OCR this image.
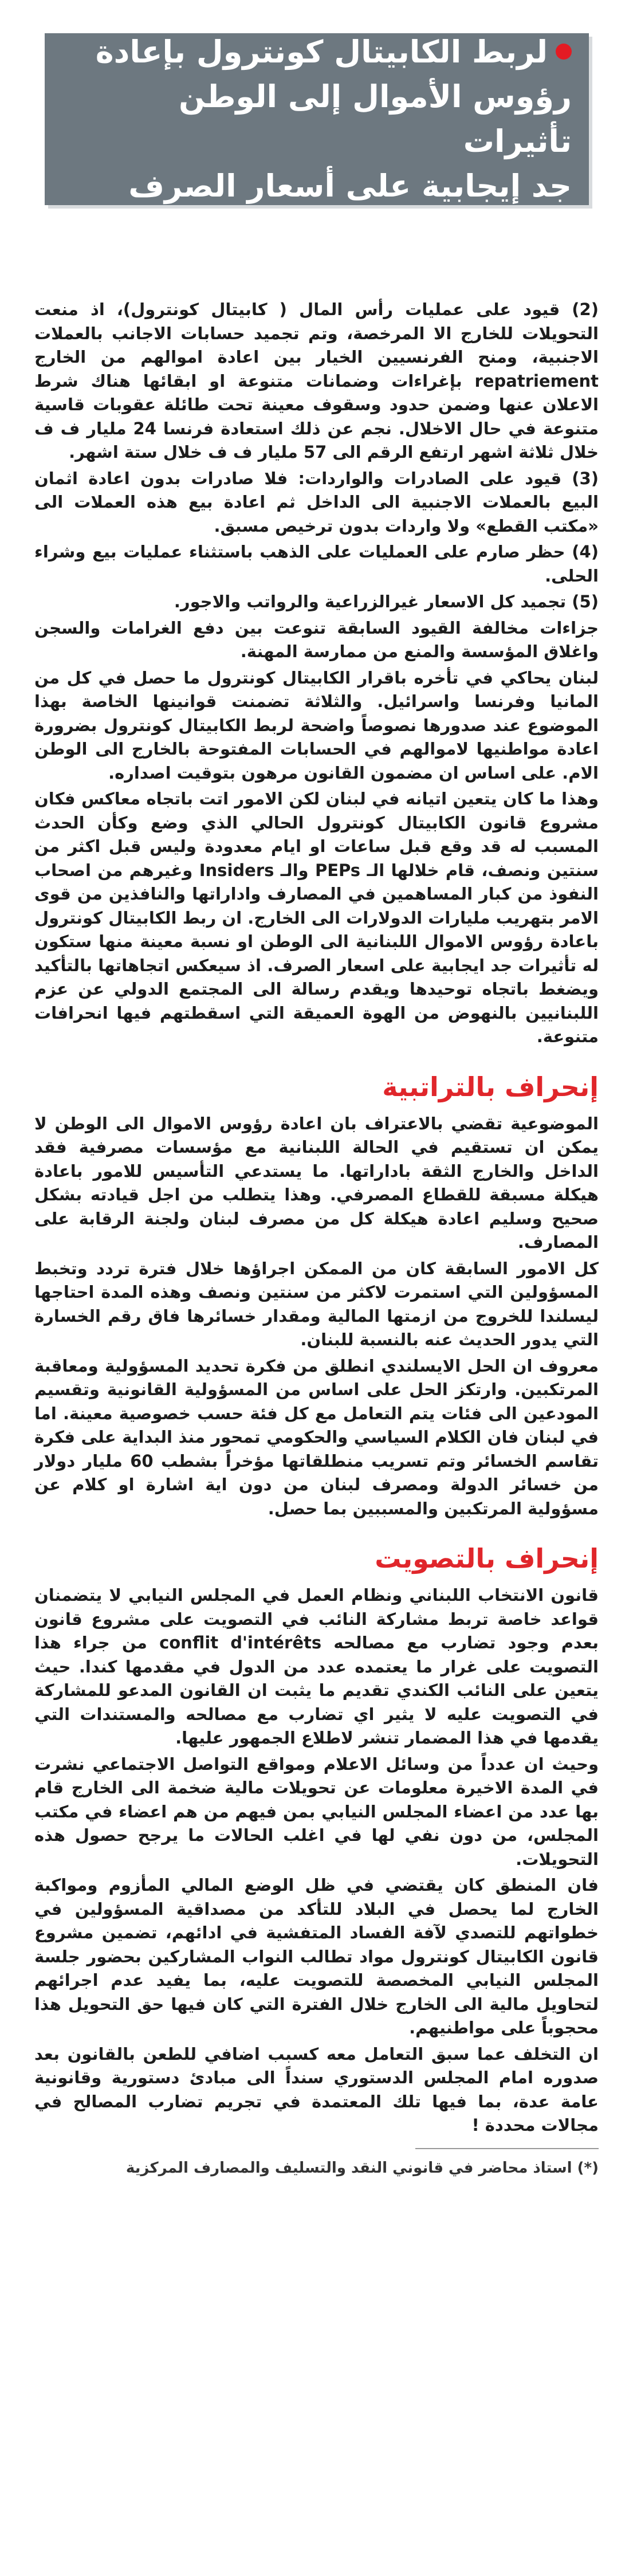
لربط الكابيتال كونترول بإعادة

رؤوس الأموال إلى الوطن تأثيرات

جد إيجابية على أسعار الصرف

(2) قيود على عمليات رأس المال ( كابيتال كونترول)، اذ منعت التحويلات للخارج الا المرخصة، وتم تجميد حسابات الاجانب بالعملات الاجنبية، ومنح الفرنسيين الخيار بين اعادة اموالهم من الخارج repatriement بإغراءات وضمانات متنوعة او ابقائها هناك شرط الاعلان عنها وضمن حدود وسقوف معينة تحت طائلة عقوبات قاسية متنوعة في حال الاخلال. نجم عن ذلك استعادة فرنسا 24 مليار ف ف خلال ثلاثة اشهر ارتفع الرقم الى 57 مليار ف ف خلال ستة اشهر.

(3) قيود على الصادرات والواردات: فلا صادرات بدون اعادة اثمان البيع بالعملات الاجنبية الى الداخل ثم اعادة بيع هذه العملات الى «مكتب القطع» ولا واردات بدون ترخيص مسبق.

(4) حظر صارم على العمليات على الذهب باستثناء عمليات بيع وشراء الحلى.

(5) تجميد كل الاسعار غيرالزراعية والرواتب والاجور.

جزاءات مخالفة القيود السابقة تنوعت بين دفع الغرامات والسجن واغلاق المؤسسة والمنع من ممارسة المهنة.

لبنان يحاكي في تأخره باقرار الكابيتال كونترول ما حصل في كل من المانيا وفرنسا واسرائيل. والثلاثة تضمنت قوانينها الخاصة بهذا الموضوع عند صدورها نصوصاً واضحة لربط الكابيتال كونترول بضرورة اعادة مواطنيها لاموالهم في الحسابات المفتوحة بالخارج الى الوطن الام. على اساس ان مضمون القانون مرهون بتوقيت اصداره.

وهذا ما كان يتعين اتيانه في لبنان لكن الامور اتت باتجاه معاكس فكان مشروع قانون الكابيتال كونترول الحالي الذي وضع وكأن الحدث المسبب له قد وقع قبل ساعات او ايام معدودة وليس قبل اكثر من سنتين ونصف، قام خلالها الـ PEPs والـ Insiders وغيرهم من اصحاب النفوذ من كبار المساهمين في المصارف واداراتها والنافذين من قوى الامر بتهريب مليارات الدولارات الى الخارج. ان ربط الكابيتال كونترول باعادة رؤوس الاموال اللبنانية الى الوطن او نسبة معينة منها ستكون له تأثيرات جد ايجابية على اسعار الصرف. اذ سيعكس اتجاهاتها بالتأكيد ويضغط باتجاه توحيدها ويقدم رسالة الى المجتمع الدولي عن عزم اللبنانيين بالنهوض من الهوة العميقة التي اسقطتهم فيها انحرافات متنوعة.

إنحراف بالتراتبية

الموضوعية تقضي بالاعتراف بان اعادة رؤوس الاموال الى الوطن لا يمكن ان تستقيم في الحالة اللبنانية مع مؤسسات مصرفية فقد الداخل والخارج الثقة باداراتها. ما يستدعي التأسيس للامور باعادة هيكلة مسبقة للقطاع المصرفي. وهذا يتطلب من اجل قيادته بشكل صحيح وسليم اعادة هيكلة كل من مصرف لبنان ولجنة الرقابة على المصارف.

كل الامور السابقة كان من الممكن اجراؤها خلال فترة تردد وتخبط المسؤولين التي استمرت لاكثر من سنتين ونصف وهذه المدة احتاجها ليسلندا للخروج من ازمتها المالية ومقدار خسائرها فاق رقم الخسارة التي يدور الحديث عنه بالنسبة للبنان.

معروف ان الحل الايسلندي انطلق من فكرة تحديد المسؤولية ومعاقبة المرتكبين. وارتكز الحل على اساس من المسؤولية القانونية وتقسيم المودعين الى فئات يتم التعامل مع كل فئة حسب خصوصية معينة. اما في لبنان فان الكلام السياسي والحكومي تمحور منذ البداية على فكرة تقاسم الخسائر وتم تسريب منطلقاتها مؤخراً بشطب 60 مليار دولار من خسائر الدولة ومصرف لبنان من دون اية اشارة او كلام عن مسؤولية المرتكبين والمسببين بما حصل.

إنحراف بالتصويت

قانون الانتخاب اللبناني ونظام العمل في المجلس النيابي لا يتضمنان قواعد خاصة تربط مشاركة النائب في التصويت على مشروع قانون بعدم وجود تضارب مع مصالحه conflit d'intérêts من جراء هذا التصويت على غرار ما يعتمده عدد من الدول في مقدمها كندا. حيث يتعين على النائب الكندي تقديم ما يثبت ان القانون المدعو للمشاركة في التصويت عليه لا يثير اي تضارب مع مصالحه والمستندات التي يقدمها في هذا المضمار تنشر لاطلاع الجمهور عليها.

وحيث ان عدداً من وسائل الاعلام ومواقع التواصل الاجتماعي نشرت في المدة الاخيرة معلومات عن تحويلات مالية ضخمة الى الخارج قام بها عدد من اعضاء المجلس النيابي بمن فيهم من هم اعضاء في مكتب المجلس، من دون نفي لها في اغلب الحالات ما يرجح حصول هذه التحويلات.

فان المنطق كان يقتضي في ظل الوضع المالي المأزوم ومواكبة الخارج لما يحصل في البلاد للتأكد من مصداقية المسؤولين في خطواتهم للتصدي لآفة الفساد المتفشية في ادائهم، تضمين مشروع قانون الكابيتال كونترول مواد تطالب النواب المشاركين بحضور جلسة المجلس النيابي المخصصة للتصويت عليه، بما يفيد عدم اجرائهم لتحاويل مالية الى الخارج خلال الفترة التي كان فيها حق التحويل هذا محجوباً على مواطنيهم.

ان التخلف عما سبق التعامل معه كسبب اضافي للطعن بالقانون بعد صدوره امام المجلس الدستوري سنداً الى مبادئ دستورية وقانونية عامة عدة، بما فيها تلك المعتمدة في تجريم تضارب المصالح في مجالات محددة !

(*) استاذ محاضر في قانوني النقد والتسليف والمصارف المركزية
